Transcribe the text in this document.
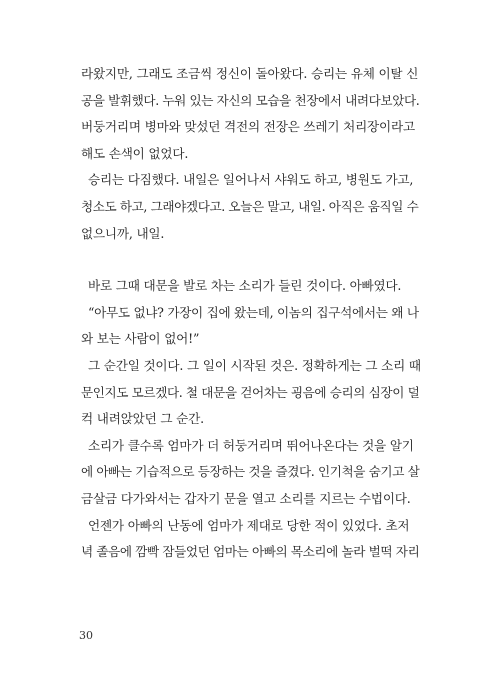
라왔지만, 그래도 조금씩 정신이 돌아왔다. 승리는 유체 이탈 신
공을 발휘했다. 누워 있는 자신의 모습을 천장에서 내려다보았다.
버둥거리며 병마와 맞섰던 격전의 전장은 쓰레기 처리장이라고
해도 손색이 없었다.
승리는 다짐했다. 내일은 일어나서 샤워도 하고, 병원도 가고,
청소도 하고, 그래야겠다고. 오늘은 말고, 내일. 아직은 움직일 수
없으니까, 내일.
바로 그때 대문을 발로 차는 소리가 들린 것이다. 아빠였다.
“아무도 없냐? 가장이 집에 왔는데, 이놈의 집구석에서는 왜 나
와 보는 사람이 없어!”
그 순간일 것이다. 그 일이 시작된 것은. 정확하게는 그 소리 때
문인지도 모르겠다. 철 대문을 걷어차는 굉음에 승리의 심장이 덜
컥 내려앉았던 그 순간.
소리가 클수록 엄마가 더 허둥거리며 뛰어나온다는 것을 알기
에 아빠는 기습적으로 등장하는 것을 즐겼다. 인기척을 숨기고 살
금살금 다가와서는 갑자기 문을 열고 소리를 지르는 수법이다.
언젠가 아빠의 난동에 엄마가 제대로 당한 적이 있었다. 초저
녁 졸음에 깜빡 잠들었던 엄마는 아빠의 목소리에 놀라 벌떡 자리
30
